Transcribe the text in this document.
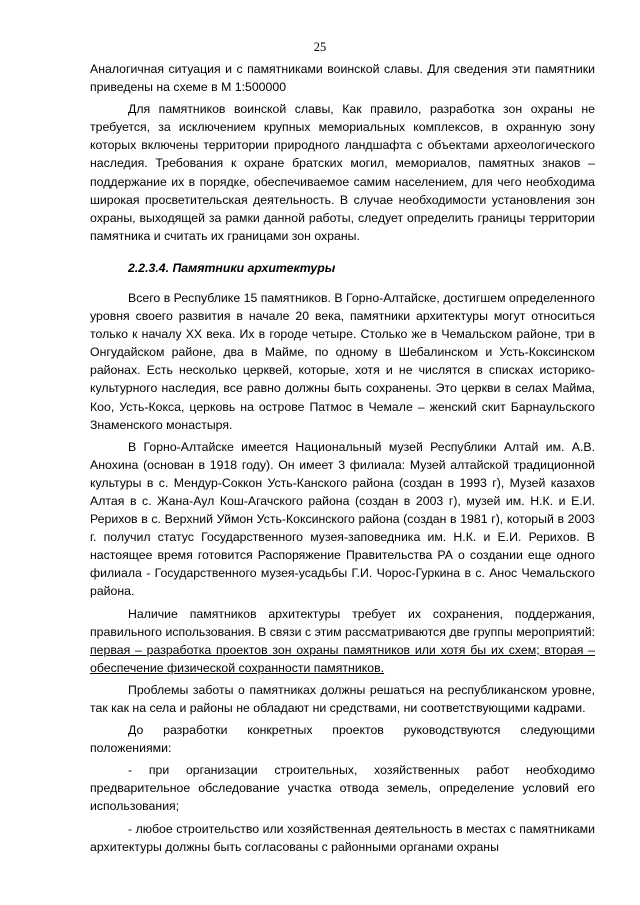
25

Аналогичная ситуация и с памятниками воинской славы. Для сведения эти памятники приведены на схеме в М 1:500000

Для памятников воинской славы, Как правило, разработка зон охраны не требуется, за исключением крупных мемориальных комплексов, в охранную зону которых включены территории природного ландшафта с объектами археологического наследия. Требования к охране братских могил, мемориалов, памятных знаков – поддержание их в порядке, обеспечиваемое самим населением, для чего необходима широкая просветительская деятельность. В случае необходимости установления зон охраны, выходящей за рамки данной работы, следует определить границы территории памятника и считать их границами зон охраны.

2.2.3.4. Памятники архитектуры

Всего в Республике 15 памятников. В Горно-Алтайске, достигшем определенного уровня своего развития в начале 20 века, памятники архитектуры могут относиться только к началу XX века. Их в городе четыре. Столько же в Чемальском районе, три в Онгудайском районе, два в Майме, по одному в Шебалинском и Усть-Коксинском районах. Есть несколько церквей, которые, хотя и не числятся в списках историко-культурного наследия, все равно должны быть сохранены. Это церкви в селах Майма, Коо, Усть-Кокса, церковь на острове Патмос в Чемале – женский скит Барнаульского Знаменского монастыря.

В Горно-Алтайске имеется Национальный музей Республики Алтай им. А.В. Анохина (основан в 1918 году). Он имеет 3 филиала: Музей алтайской традиционной культуры в с. Мендур-Соккон Усть-Канского района (создан в 1993 г), Музей казахов Алтая в с. Жана-Аул Кош-Агачского района (создан в 2003 г), музей им. Н.К. и Е.И. Рерихов в с. Верхний Уймон Усть-Коксинского района (создан в 1981 г), который в 2003 г. получил статус Государственного музея-заповедника им. Н.К. и Е.И. Рерихов. В настоящее время готовится Распоряжение Правительства РА о создании еще одного филиала - Государственного музея-усадьбы Г.И. Чорос-Гуркина в с. Анос Чемальского района.

Наличие памятников архитектуры требует их сохранения, поддержания, правильного использования. В связи с этим рассматриваются две группы мероприятий: первая – разработка проектов зон охраны памятников или хотя бы их схем; вторая – обеспечение физической сохранности памятников.

Проблемы заботы о памятниках должны решаться на республиканском уровне, так как на села и районы не обладают ни средствами, ни соответствующими кадрами.

До разработки конкретных проектов руководствуются следующими положениями:

- при организации строительных, хозяйственных работ необходимо предварительное обследование участка отвода земель, определение условий его использования;

- любое строительство или хозяйственная деятельность в местах с памятниками архитектуры должны быть согласованы с районными органами охраны
